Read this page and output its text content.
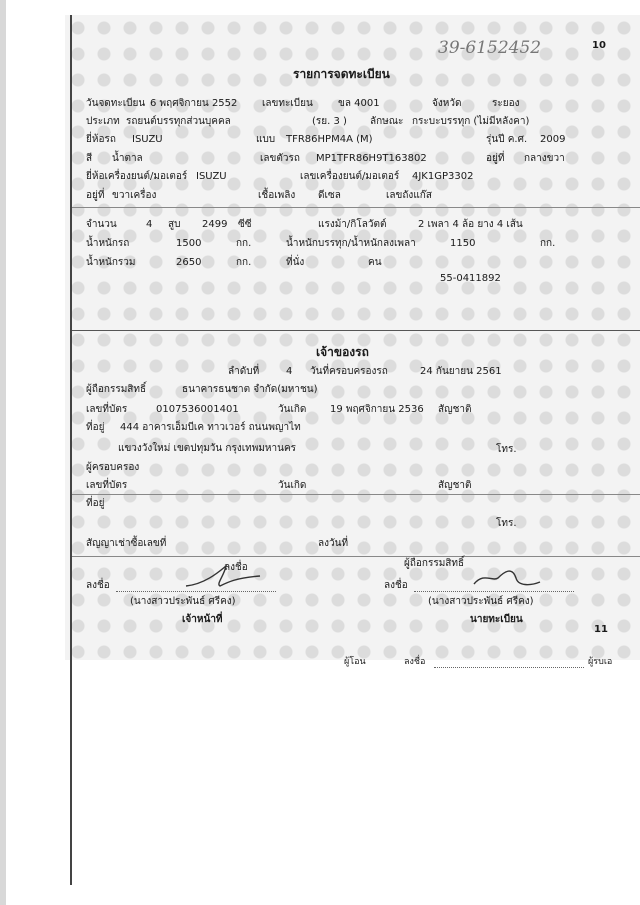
39-6152452	10
รายการจดทะเบียน
วันจดทะเบียน 6 พฤศจิกายน 2552 เลขทะเบียน	ขล 4001	จังหวัด	ระยอง
ประเภท รถยนต์บรรทุกส่วนบุคคล	(รย. 3 ) ลักษณะ กระบะบรรทุก (ไม่มีหลังคา)
ยี่ห้อรถ ISUZU	แบบ TFR86HPM4A (M)	รุ่นปี ค.ศ. 2009
สี น้ำตาล	เลขตัวรถ MP1TFR86H9T163802	อยู่ที่ กลางขวา
ยี่ห้อเครื่องยนต์/มอเตอร์ ISUZU	เลขเครื่องยนต์/มอเตอร์ 4JK1GP3302
อยู่ที่ ขวาเครื่อง	เชื้อเพลิง ดีเซล	เลขถังแก๊ส
จำนวน	4 สูบ 2499 ซีซี	แรงม้า/กิโลวัตต์	2 เพลา 4 ล้อ ยาง 4 เส้น
น้ำหนักรถ	1500	กก.	น้ำหนักบรรทุก/น้ำหนักลงเพลา	1150	กก.
น้ำหนักรวม	2650	กก.	ที่นั่ง	คน
55-0411892
เจ้าของรถ
ลำดับที่	4 วันที่ครอบครองรถ	24 กันยายน 2561
ผู้ถือกรรมสิทธิ์	ธนาคารธนชาต จำกัด(มหาชน)
เลขที่บัตร	0107536001401	วันเกิด 19 พฤศจิกายน 2536 สัญชาติ
ที่อยู่ 444 อาคารเอ็มบีเค ทาวเวอร์ ถนนพญาไท
แขวงวังใหม่ เขตปทุมวัน กรุงเทพมหานคร	โทร.
ผู้ครอบครอง
เลขที่บัตร	วันเกิด	สัญชาติ
ที่อยู่
โทร.
สัญญาเช่าซื้อเลขที่	ลงวันที่
ลงชื่อ	ผู้ถือกรรมสิทธิ์
ลงชื่อ	ลงชื่อ
(นางสาวประพันธ์ ศรีคง)	(นางสาวประพันธ์ ศรีคง)
เจ้าหน้าที่	นายทะเบียน
11
ผู้โอน	ลงชื่อ	ผู้รบเอ
